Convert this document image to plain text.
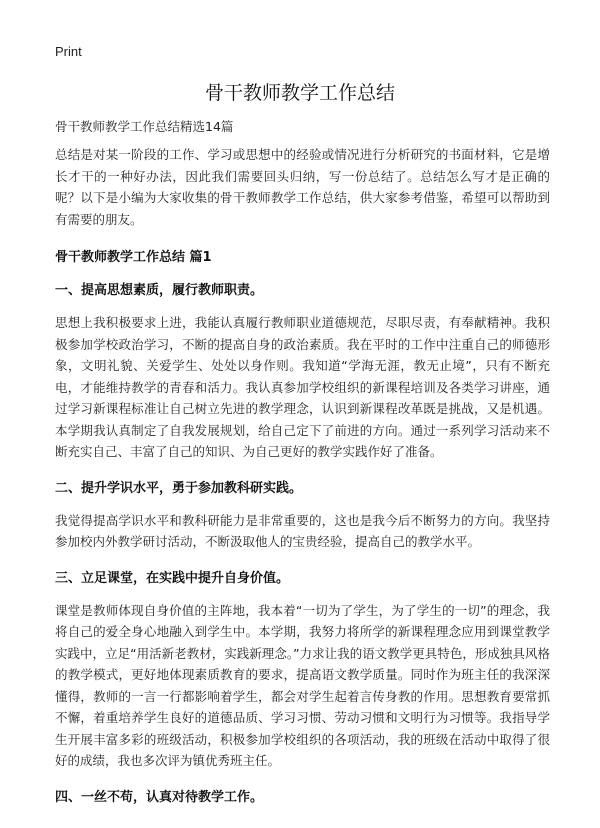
Print
骨干教师教学工作总结
骨干教师教学工作总结精选14篇

总结是对某一阶段的工作、学习或思想中的经验或情况进行分析研究的书面材料，它是增长才干的一种好办法，因此我们需要回头归纳，写一份总结了。总结怎么写才是正确的呢？以下是小编为大家收集的骨干教师教学工作总结，供大家参考借鉴，希望可以帮助到有需要的朋友。

骨干教师教学工作总结 篇1
一、提高思想素质，履行教师职责。

思想上我积极要求上进，我能认真履行教师职业道德规范，尽职尽责，有奉献精神。我积极参加学校政治学习，不断的提高自身的政治素质。我在平时的工作中注重自己的师德形象，文明礼貌、关爱学生、处处以身作则。我知道“学海无涯，教无止境”，只有不断充电，才能维持教学的青春和活力。我认真参加学校组织的新课程培训及各类学习讲座，通过学习新课程标准让自己树立先进的教学理念，认识到新课程改革既是挑战，又是机遇。本学期我认真制定了自我发展规划，给自己定下了前进的方向。通过一系列学习活动来不断充实自己、丰富了自己的知识、为自己更好的教学实践作好了准备。

二、提升学识水平，勇于参加教科研实践。

我觉得提高学识水平和教科研能力是非常重要的，这也是我今后不断努力的方向。我坚持参加校内外教学研讨活动，不断汲取他人的宝贵经验，提高自己的教学水平。

三、立足课堂，在实践中提升自身价值。

课堂是教师体现自身价值的主阵地，我本着“一切为了学生，为了学生的一切”的理念，我将自己的爱全身心地融入到学生中。本学期，我努力将所学的新课程理念应用到课堂教学实践中，立足“用活新老教材，实践新理念。”力求让我的语文教学更具特色，形成独具风格的教学模式，更好地体现素质教育的要求，提高语文教学质量。同时作为班主任的我深深懂得，教师的一言一行都影响着学生，都会对学生起着言传身教的作用。思想教育要常抓不懈，着重培养学生良好的道德品质、学习习惯、劳动习惯和文明行为习惯等。我指导学生开展丰富多彩的班级活动，积极参加学校组织的各项活动，我的班级在活动中取得了很好的成绩，我也多次评为镇优秀班主任。

四、一丝不苟，认真对待教学工作。
